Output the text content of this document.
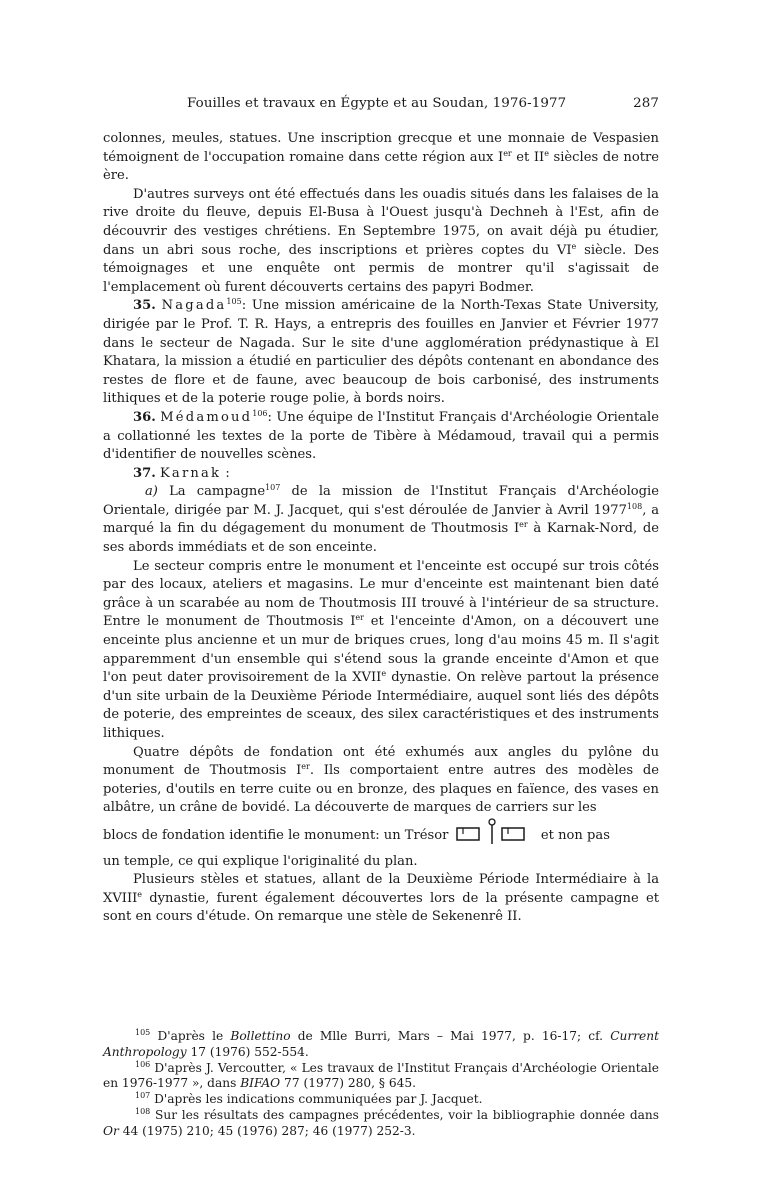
Fouilles et travaux en Égypte et au Soudan, 1976-1977	287

colonnes, meules, statues. Une inscription grecque et une monnaie de Vespasien témoignent de l'occupation romaine dans cette région aux Ier et IIe siècles de notre ère.

D'autres surveys ont été effectués dans les ouadis situés dans les falaises de la rive droite du fleuve, depuis El-Busa à l'Ouest jusqu'à Dechneh à l'Est, afin de découvrir des vestiges chrétiens. En Septembre 1975, on avait déjà pu étudier, dans un abri sous roche, des inscriptions et prières coptes du VIe siècle. Des témoignages et une enquête ont permis de montrer qu'il s'agissait de l'emplacement où furent découverts certains des papyri Bodmer.

35. Nagada$^{105}$: Une mission américaine de la North-Texas State University, dirigée par le Prof. T. R. Hays, a entrepris des fouilles en Janvier et Février 1977 dans le secteur de Nagada. Sur le site d'une agglomération prédynastique à El Khatara, la mission a étudié en particulier des dépôts contenant en abondance des restes de flore et de faune, avec beaucoup de bois carbonisé, des instruments lithiques et de la poterie rouge polie, à bords noirs.

36. Médamoud$^{106}$: Une équipe de l'Institut Français d'Archéologie Orientale a collationné les textes de la porte de Tibère à Médamoud, travail qui a permis d'identifier de nouvelles scènes.

37. Karnak :

a) La campagne$^{107}$ de la mission de l'Institut Français d'Archéologie Orientale, dirigée par M. J. Jacquet, qui s'est déroulée de Janvier à Avril 1977$^{108}$, a marqué la fin du dégagement du monument de Thoutmosis Ier à Karnak-Nord, de ses abords immédiats et de son enceinte.

Le secteur compris entre le monument et l'enceinte est occupé sur trois côtés par des locaux, ateliers et magasins. Le mur d'enceinte est maintenant bien daté grâce à un scarabée au nom de Thoutmosis III trouvé à l'intérieur de sa structure. Entre le monument de Thoutmosis Ier et l'enceinte d'Amon, on a découvert une enceinte plus ancienne et un mur de briques crues, long d'au moins 45 m. Il s'agit apparemment d'un ensemble qui s'étend sous la grande enceinte d'Amon et que l'on peut dater provisoirement de la XVIIe dynastie. On relève partout la présence d'un site urbain de la Deuxième Période Intermédiaire, auquel sont liés des dépôts de poterie, des empreintes de sceaux, des silex caractéristiques et des instruments lithiques.

Quatre dépôts de fondation ont été exhumés aux angles du pylône du monument de Thoutmosis Ier. Ils comportaient entre autres des modèles de poteries, d'outils en terre cuite ou en bronze, des plaques en faïence, des vases en albâtre, un crâne de bovidé. La découverte de marques de carriers sur les

blocs de fondation identifie le monument: un Trésor	et non pas

un temple, ce qui explique l'originalité du plan.

Plusieurs stèles et statues, allant de la Deuxième Période Intermédiaire à la XVIIIe dynastie, furent également découvertes lors de la présente campagne et sont en cours d'étude. On remarque une stèle de Sekenenrê II.

$^{105}$ D'après le Bollettino de Mlle Burri, Mars – Mai 1977, p. 16-17; cf. Current Anthropology 17 (1976) 552-554.

$^{106}$ D'après J. Vercoutter, « Les travaux de l'Institut Français d'Archéologie Orientale en 1976-1977 », dans BIFAO 77 (1977) 280, § 645.

$^{107}$ D'après les indications communiquées par J. Jacquet.

$^{108}$ Sur les résultats des campagnes précédentes, voir la bibliographie donnée dans Or 44 (1975) 210; 45 (1976) 287; 46 (1977) 252-3.
